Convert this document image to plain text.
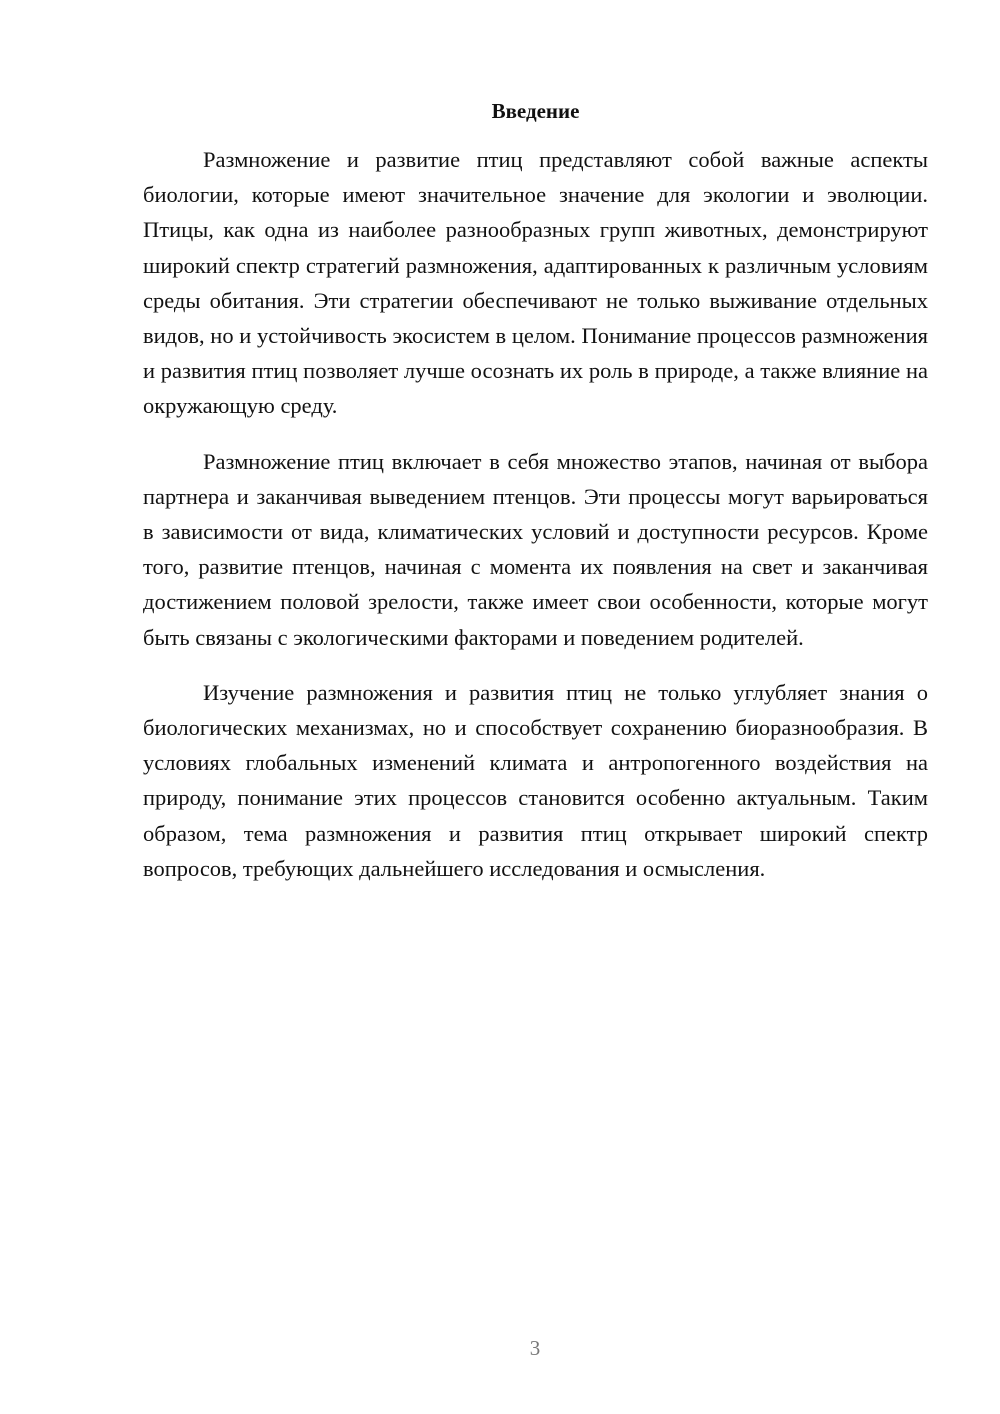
Введение

Размножение и развитие птиц представляют собой важные аспекты биологии, которые имеют значительное значение для экологии и эволюции. Птицы, как одна из наиболее разнообразных групп животных, демонстрируют широкий спектр стратегий размножения, адаптированных к различным условиям среды обитания. Эти стратегии обеспечивают не только выживание отдельных видов, но и устойчивость экосистем в целом. Понимание процессов размножения и развития птиц позволяет лучше осознать их роль в природе, а также влияние на окружающую среду.

Размножение птиц включает в себя множество этапов, начиная от выбора партнера и заканчивая выведением птенцов. Эти процессы могут варьироваться в зависимости от вида, климатических условий и доступности ресурсов. Кроме того, развитие птенцов, начиная с момента их появления на свет и заканчивая достижением половой зрелости, также имеет свои особенности, которые могут быть связаны с экологическими факторами и поведением родителей.

Изучение размножения и развития птиц не только углубляет знания о биологических механизмах, но и способствует сохранению биоразнообразия. В условиях глобальных изменений климата и антропогенного воздействия на природу, понимание этих процессов становится особенно актуальным. Таким образом, тема размножения и развития птиц открывает широкий спектр вопросов, требующих дальнейшего исследования и осмысления.

3
